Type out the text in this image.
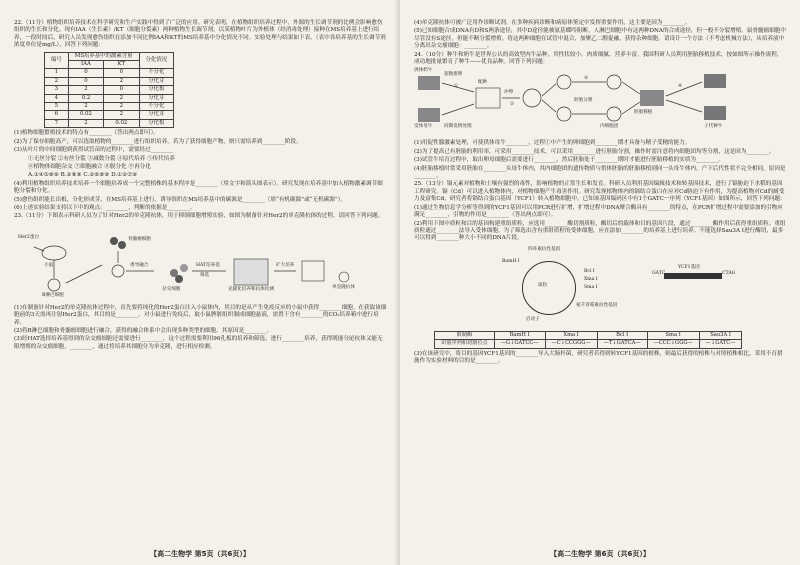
22.（11分）植物组织培养技术在科学研究和生产实践中得到了广泛的应用。研究表明，在植物组织培养过程中，外源的生长调节剂的比例会影响愈伤组织的生长和分化。现有IAA（生长素）/KT（细胞分裂素）两种植物生长调节剂，以某植物叶片为外植体（经消毒处理）接种在MS培养基上进行培养，一段时间后，研究人员发现愈伤组织在添加不同比例IAA和KT的MS培养基中分化情况不同。实验处理与结果如下表。（表中各培养基的生长调节剂浓度单位是mg/L），回答下列问题：

编号	MS培养基中的激素含量		分化情况
	IAA	KT	
1	0	0	不分化
2	0	2	分化芽
3	2	0	分化根
4	0.2	2	分化芽
5	2	2	不分化
6	0.02	2	分化芽
7	2	0.02	分化根

(1)植物细胞繁殖技术的特点有________（答出两点即可）。

(2)为了保存细胞高产，可以选取植物的________进行组织培养。若为了获得细胞产物，则只需培养到________阶段。

(3)从叶片的中间细胞到获得试管苗的过程中，需要经过________

①无丝分裂 ②有丝分裂 ③减数分裂 ④原代培养 ⑤传代培养

⑥植物体细胞杂交 ⑦细胞融合 ⑧脱分化 ⑨再分化

A.①④⑤⑧⑨ B.②⑧⑨ C.②⑥⑧⑨ D.①②⑦⑨

(4)利用植物组织培养技术培养一个细胞培养成一个完整植株的基本程序是________（用文字和箭头图表示）。研究发现在培养基中加入植物激素调节细胞分裂和分化。

(5)愈伤组织能长出根，分化形成芽，在MS培养基上进行，诱导组织在MS培养基中的碳源是________（填“有机碳源”或“无机碳源”）。

(6)上述实验结果支持以下中的观点：________，判断的依据是________。

23.（11分）下图表示科研人员为了针对Her2的单克隆抗体，用于抑制细胞增殖实验，如图为制备针对Her2的单克隆抗体的过程，请回答下列问题。

Her2蛋白
小鼠
B淋巴细胞
骨髓瘤细胞
诱导融合
杂交细胞
HAT培养基
筛选
克隆化培养和抗体检测
扩大培养
单克隆抗体

(1)在制备针对Her2的单克隆抗体过程中，首先要将纯化的Her2蛋白注入小鼠体内，其目的是从产生免疫反应的小鼠中获得________细胞。在获取该细胞前的3天需再注射Her2蛋白，其目的是________。对小鼠进行免疫后，取小鼠脾脏组织制成细胞悬液，需置于含有________的CO₂培养箱中进行培养。

(2)将B淋巴细胞和骨髓瘤细胞进行融合，获得的融合体系中会出现多种类型的细胞，其原因是________。

(3)经HAT选择培养基得到的杂交瘤细胞还需要进行________，这个过程需要利用96孔板的培养和筛选，进行________培养，获得既能分泌抗体又能无限增殖的杂交瘤细胞，________，通过将培养其细胞分为单克隆，进行相应检测。

【高二生物学 第5页（共6页）】

(4)单克隆抗体可被广泛用作诊断试剂，在多种疾病诊断和病原体鉴定中发挥重要作用，这主要是因为________。

(5)已知细胞合成DNA有D和S两条途径，其中D途径能被氨基蝶呤阻断。人淋巴细胞中有这两种DNA的合成途径，但一般不分裂增殖。鼠骨髓瘤细胞中尽管没有S途径，但能不断分裂增殖。将这两种细胞在试管中混合，加聚乙二醇促融，获得杂种细胞。请设计一个方法（不考虑机械方法），从培养液中分离出杂交瘤细胞：________。

24.（10分）种牛和奶牛是世界公认的高效型肉牛品种，其性状较小、肉质细腻、营养丰富。我国科研人员利用胚胎移植技术，按如图所示操作流程，成功地批量繁育了种牛——优良品种。回答下列问题：

供体奶牛
受体母牛
超数排卵
配种
冲卵
胚胎分割
内细胞团
胚胎移植
同期发情处理	子代种牛
①
②
③
④

(1)用促性腺激素处理，可使供体母牛________，过程①中产生的卵细胞到________期才具备与精子受精的能力。

(2)为了提高已有胚胎的利用率，可采用________技术，可以采用________进行胚胎分割，操作时需注意将内细胞团均等分割，这是因为________。

(3)试管牛培育过程中，取出卵母细胞后需要进行________，然后胚胎处于________期时才能进行胚胎移植的实质为________。

(4)胚胎移植时常采用胚胎在________头母牛体内，其内细胞团的遗传物质与供体胚胎的胚胎移植到同一头母牛体内，产下后代性状不完全相同，原因是________。

25.（13分）镉元素对植物和土壤有强烈的毒性，影响植物的正常生长和发育。科研人员利用基因编辑技术和转基因技术，进行了镉胁迫下水稻的基因工程研究。镉（Cd）可以进入植物体内，对植物细胞产生毒害作用。研究发现植物体内的镉结合蛋白在应对Cd胁迫下有作用，为提高植物对Cd的耐受力及富集Cd，研究者将镉结合蛋白基因（YCF1）转入植物细胞中。已知该基因编码区中有1个GATC一序列（YCF1基因）如图所示，回答下列问题：

(1)通过生物信息学分析等得到的YCF1基因可以用PCR进行扩增，扩增过程中DNA聚合酶具有________的特点，在PCR扩增过程中需要添加的引物应满足________，引物的作用是________（答出两点即可）。

(2)利用下图中质粒和目的基因构建重组质粒，应选用________酶切割质粒，酶切后的载体和目的基因片段，通过________酶作用后获得重组质粒。重组质粒通过________法导入受体细胞。为了筛选出含有重组质粒的受体细胞，应在添加________的培养基上进行培养。不能选择Sau3A I进行酶切，最多可以得到________种大小不同的DNA片段。

四环素抗性基因
BamH I
Bcl I
Xma I
Sma I
质粒
启动子
氨苄青霉素抗性基因
YCF1基因
CTAG
GATC
限制酶	BamH I	Xma I	Bcl I	Sma I	Sau3A I
识别序列和切割位点	—G↓GATCC—	—C↓CCGGG—	—T↓GATCA—	—CCC↓GGG—	—↓GATC—

(3)在该研究中，将目的基因YCF1基因的________导入大肠杆菌，研究者若得到转YCF1基因的植株，则最后获得的植株与对照植株相比，采用不育措施作为实验材料的目的是________。

【高二生物学 第6页（共6页）】
